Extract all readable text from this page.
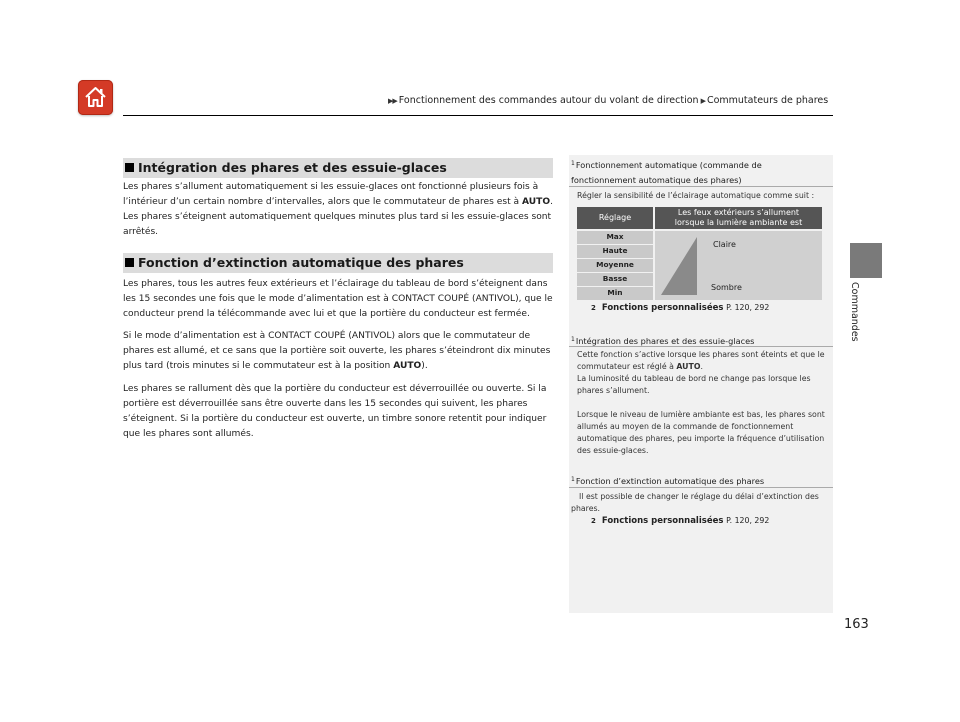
▶▶ Fonctionnement des commandes autour du volant de direction ▶ Commutateurs de phares
Commandes
Intégration des phares et des essuie-glaces

Les phares s’allument automatiquement si les essuie-glaces ont fonctionné plusieurs fois à l’intérieur d’un certain nombre d’intervalles, alors que le commutateur de phares est à AUTO. Les phares s’éteignent automatiquement quelques minutes plus tard si les essuie-glaces sont arrêtés.

Fonction d’extinction automatique des phares

Les phares, tous les autres feux extérieurs et l’éclairage du tableau de bord s’éteignent dans les 15 secondes une fois que le mode d’alimentation est à CONTACT COUPÉ (ANTIVOL), que le conducteur prend la télécommande avec lui et que la portière du conducteur est fermée.

Si le mode d’alimentation est à CONTACT COUPÉ (ANTIVOL) alors que le commutateur de phares est allumé, et ce sans que la portière soit ouverte, les phares s’éteindront dix minutes plus tard (trois minutes si le commutateur est à la position AUTO).

Les phares se rallument dès que la portière du conducteur est déverrouillée ou ouverte. Si la portière est déverrouillée sans être ouverte dans les 15 secondes qui suivent, les phares s’éteignent. Si la portière du conducteur est ouverte, un timbre sonore retentit pour indiquer que les phares sont allumés.

$^1$Fonctionnement automatique (commande de fonctionnement automatique des phares)
Régler la sensibilité de l’éclairage automatique comme suit :
Réglage
Les feux extérieurs s’allument
lorsque la lumière ambiante est
Max
Haute
Moyenne
Basse
Min
Claire
Sombre
2 Fonctions personnalisées P. 120, 292
$^1$Intégration des phares et des essuie-glaces
Cette fonction s’active lorsque les phares sont éteints et que le commutateur est réglé à AUTO.
La luminosité du tableau de bord ne change pas lorsque les phares s’allument.
Lorsque le niveau de lumière ambiante est bas, les phares sont allumés au moyen de la commande de fonctionnement automatique des phares, peu importe la fréquence d’utilisation des essuie-glaces.
$^1$Fonction d’extinction automatique des phares
Il est possible de changer le réglage du délai d’extinction des phares.
2 Fonctions personnalisées P. 120, 292
163
